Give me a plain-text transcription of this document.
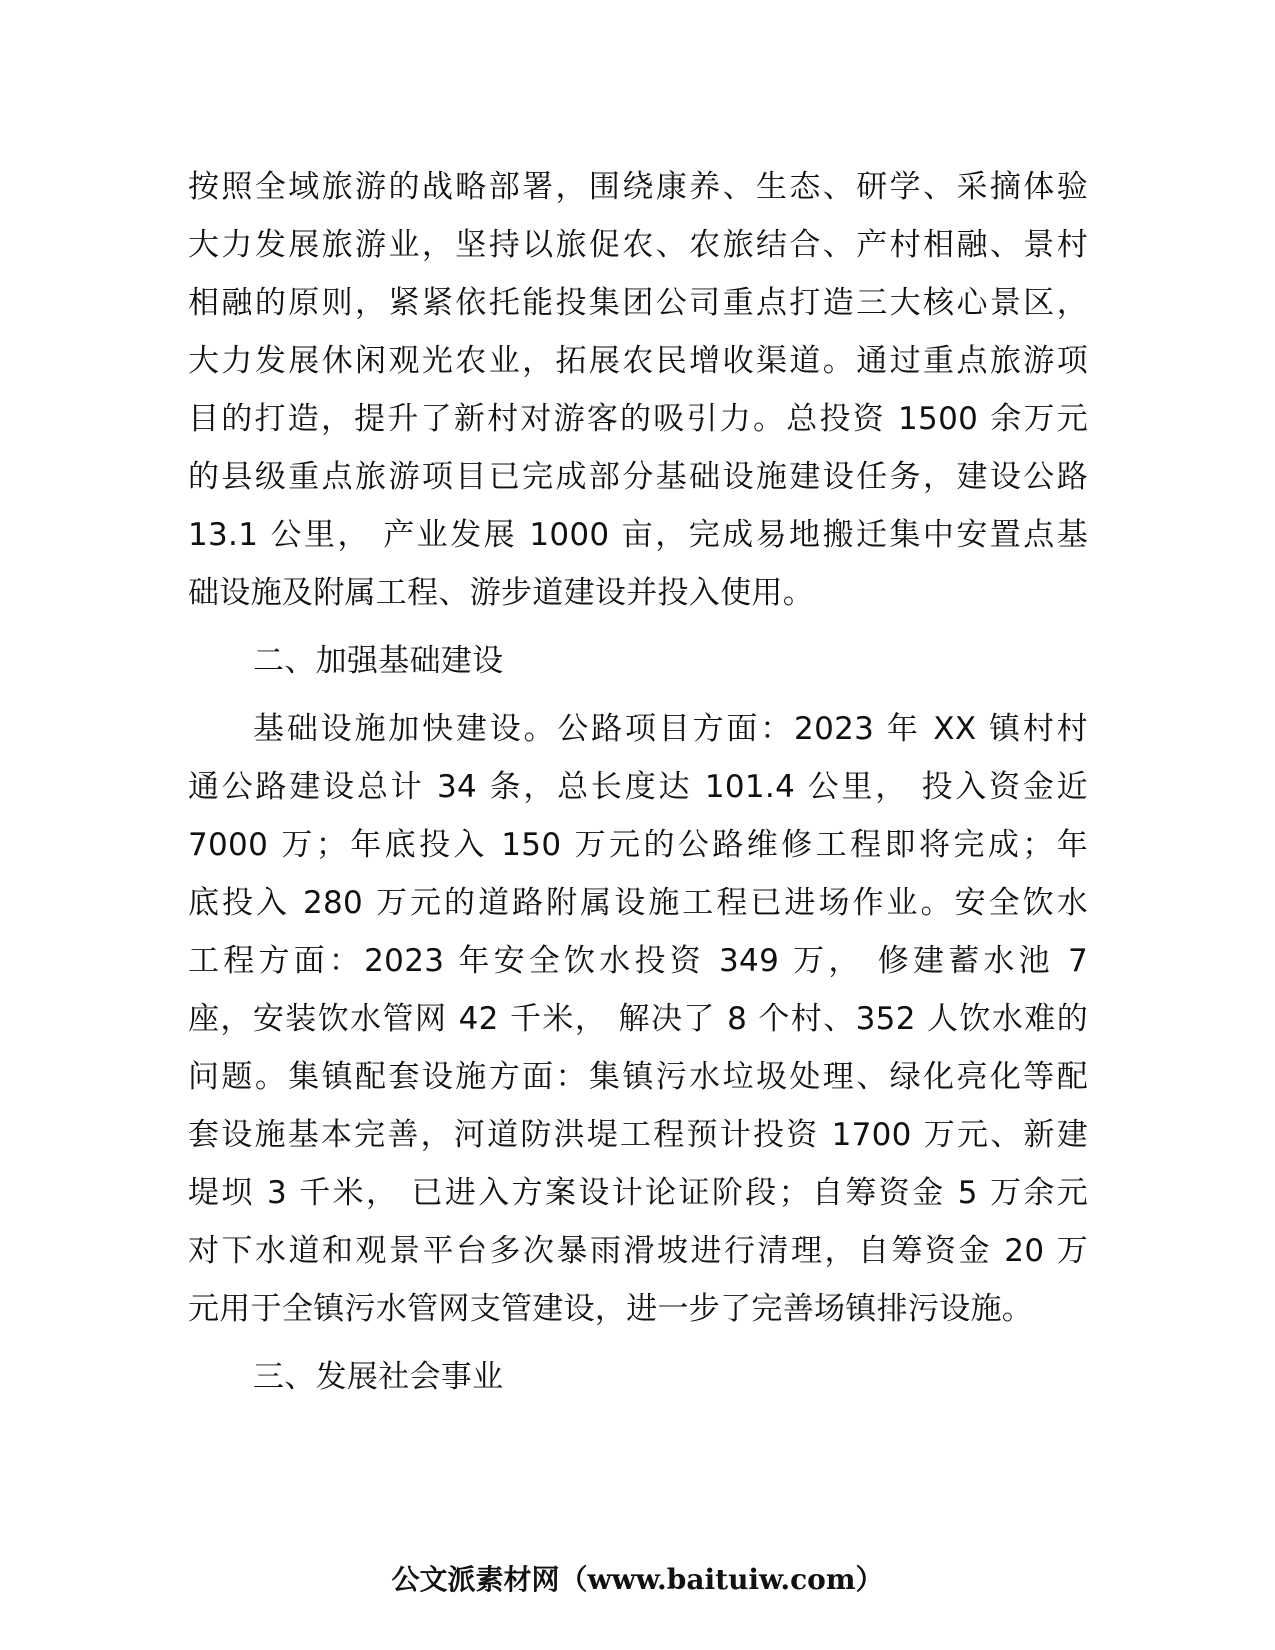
按照全域旅游的战略部署，围绕康养、生态、研学、采摘体验
大力发展旅游业，坚持以旅促农、农旅结合、产村相融、景村
相融的原则，紧紧依托能投集团公司重点打造三大核心景区，
大力发展休闲观光农业，拓展农民增收渠道。通过重点旅游项
目的打造，提升了新村对游客的吸引力。总投资 1500 余万元
的县级重点旅游项目已完成部分基础设施建设任务，建设公路
13.1 公里， 产业发展 1000 亩，完成易地搬迁集中安置点基
础设施及附属工程、游步道建设并投入使用。
二、加强基础建设
基础设施加快建设。公路项目方面：2023 年 XX 镇村村
通公路建设总计 34 条，总长度达 101.4 公里， 投入资金近
7000 万；年底投入 150 万元的公路维修工程即将完成；年
底投入 280 万元的道路附属设施工程已进场作业。安全饮水
工程方面：2023 年安全饮水投资 349 万， 修建蓄水池 7
座，安装饮水管网 42 千米， 解决了 8 个村、352 人饮水难的
问题。集镇配套设施方面：集镇污水垃圾处理、绿化亮化等配
套设施基本完善，河道防洪堤工程预计投资 1700 万元、新建
堤坝 3 千米， 已进入方案设计论证阶段；自筹资金 5 万余元
对下水道和观景平台多次暴雨滑坡进行清理，自筹资金 20 万
元用于全镇污水管网支管建设，进一步了完善场镇排污设施。
三、发展社会事业
公文派素材网（www.baituiw.com）
